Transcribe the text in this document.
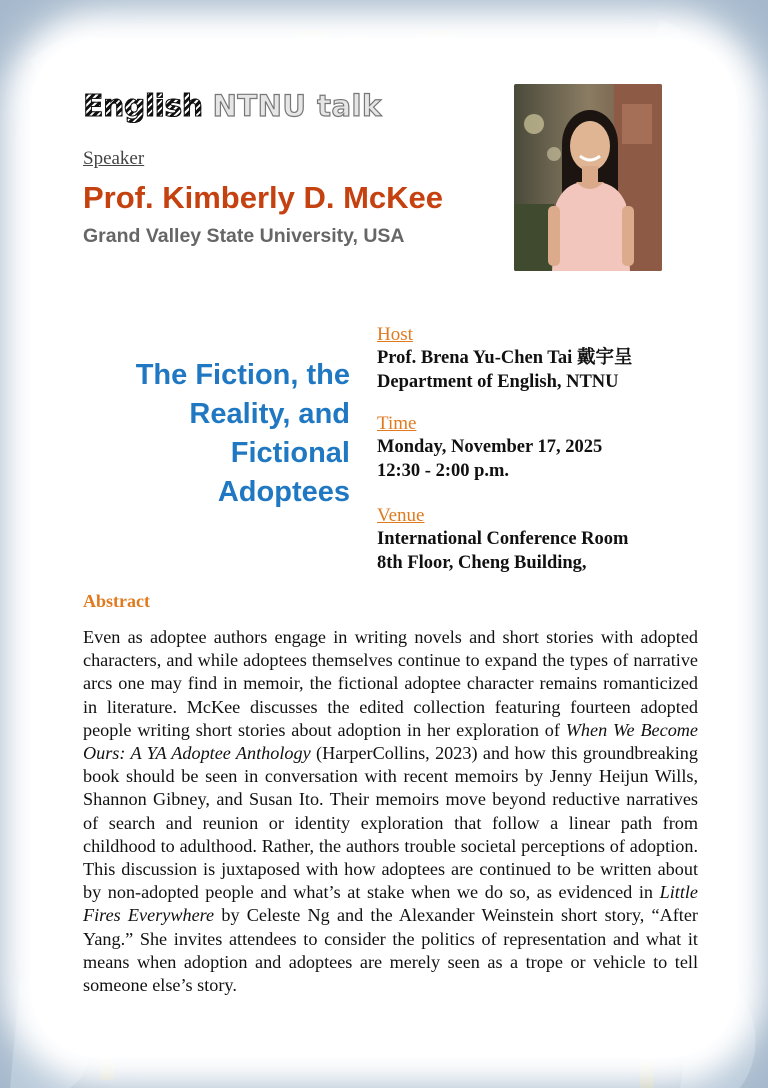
English NTNU talk
Speaker
Prof. Kimberly D. McKee
Grand Valley State University, USA
The Fiction, the
Reality, and
Fictional
Adoptees
Host
Prof. Brena Yu-Chen Tai 戴宇呈
Department of English, NTNU
Time
Monday, November 17, 2025
12:30 - 2:00 p.m.
Venue
International Conference Room
8th Floor, Cheng Building,
Abstract
Even as adoptee authors engage in writing novels and short stories with adopted characters, and while adoptees themselves continue to expand the types of narrative arcs one may find in memoir, the fictional adoptee character remains romanticized in literature. McKee discusses the edited collection featuring fourteen adopted people writing short stories about adoption in her exploration of When We Become Ours: A YA Adoptee Anthology (HarperCollins, 2023) and how this groundbreaking book should be seen in conversation with recent memoirs by Jenny Heijun Wills, Shannon Gibney, and Susan Ito. Their memoirs move beyond reductive narratives of search and reunion or identity exploration that follow a linear path from childhood to adulthood. Rather, the authors trouble societal perceptions of adoption. This discussion is juxtaposed with how adoptees are continued to be written about by non-adopted people and what’s at stake when we do so, as evidenced in Little Fires Everywhere by Celeste Ng and the Alexander Weinstein short story, “After Yang.” She invites attendees to consider the politics of representation and what it means when adoption and adoptees are merely seen as a trope or vehicle to tell someone else’s story.
